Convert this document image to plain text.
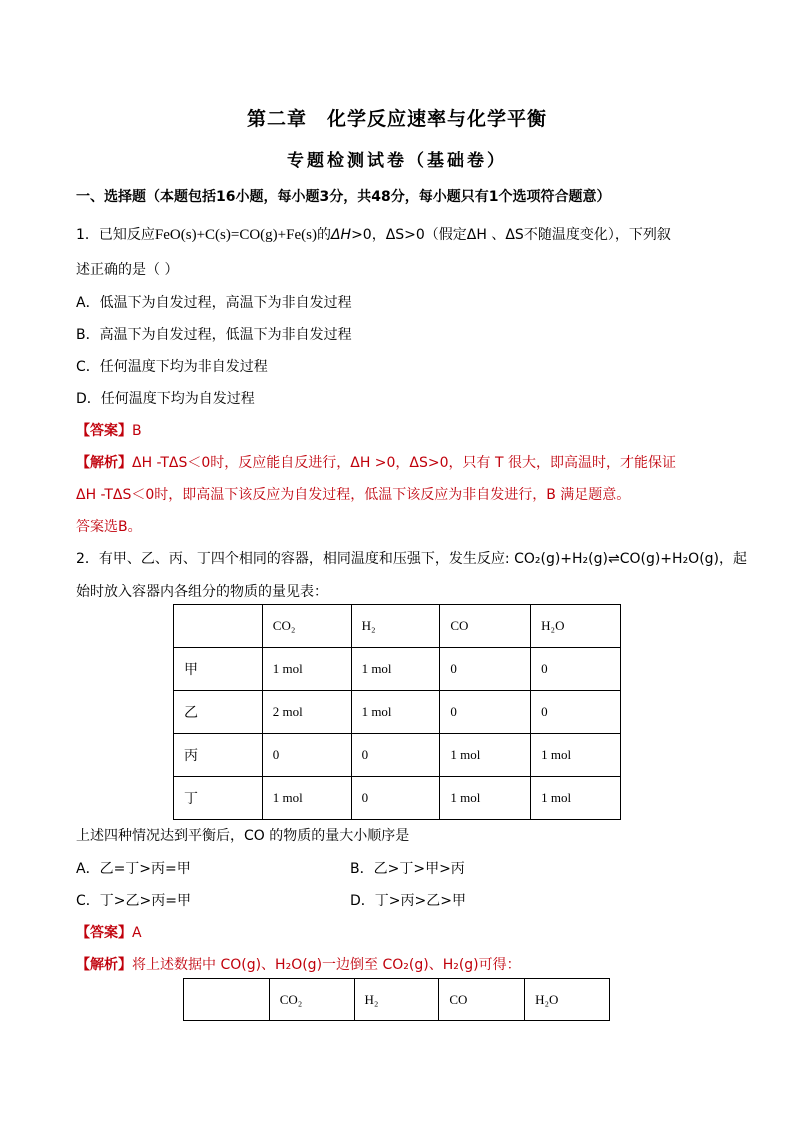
第二章　化学反应速率与化学平衡
专题检测试卷（基础卷）
一、选择题（本题包括16小题，每小题3分，共48分，每小题只有1个选项符合题意）
1．已知反应FeO(s)+C(s)=CO(g)+Fe(s)的ΔH>0，ΔS>0（假定ΔH 、ΔS不随温度变化），下列叙
述正确的是（ ）
A．低温下为自发过程，高温下为非自发过程
B．高温下为自发过程，低温下为非自发过程
C．任何温度下均为非自发过程
D．任何温度下均为自发过程
【答案】B
【解析】ΔH -TΔS＜0时，反应能自反进行，ΔH >0，ΔS>0，只有 T 很大，即高温时，才能保证
ΔH -TΔS＜0时，即高温下该反应为自发过程，低温下该反应为非自发进行，B 满足题意。
答案选B。
2．有甲、乙、丙、丁四个相同的容器，相同温度和压强下，发生反应: CO₂(g)+H₂(g)⇌CO(g)+H₂O(g)，起
始时放入容器内各组分的物质的量见表：
	CO₂	H₂	CO	H₂O
甲	1 mol	1 mol	0	0
乙	2 mol	1 mol	0	0
丙	0	0	1 mol	1 mol
丁	1 mol	0	1 mol	1 mol
上述四种情况达到平衡后，CO 的物质的量大小顺序是
A．乙=丁>丙=甲	B．乙>丁>甲>丙
C．丁>乙>丙=甲	D．丁>丙>乙>甲
【答案】A
【解析】将上述数据中 CO(g)、H₂O(g)一边倒至 CO₂(g)、H₂(g)可得：
	CO₂	H₂	CO	H₂O
